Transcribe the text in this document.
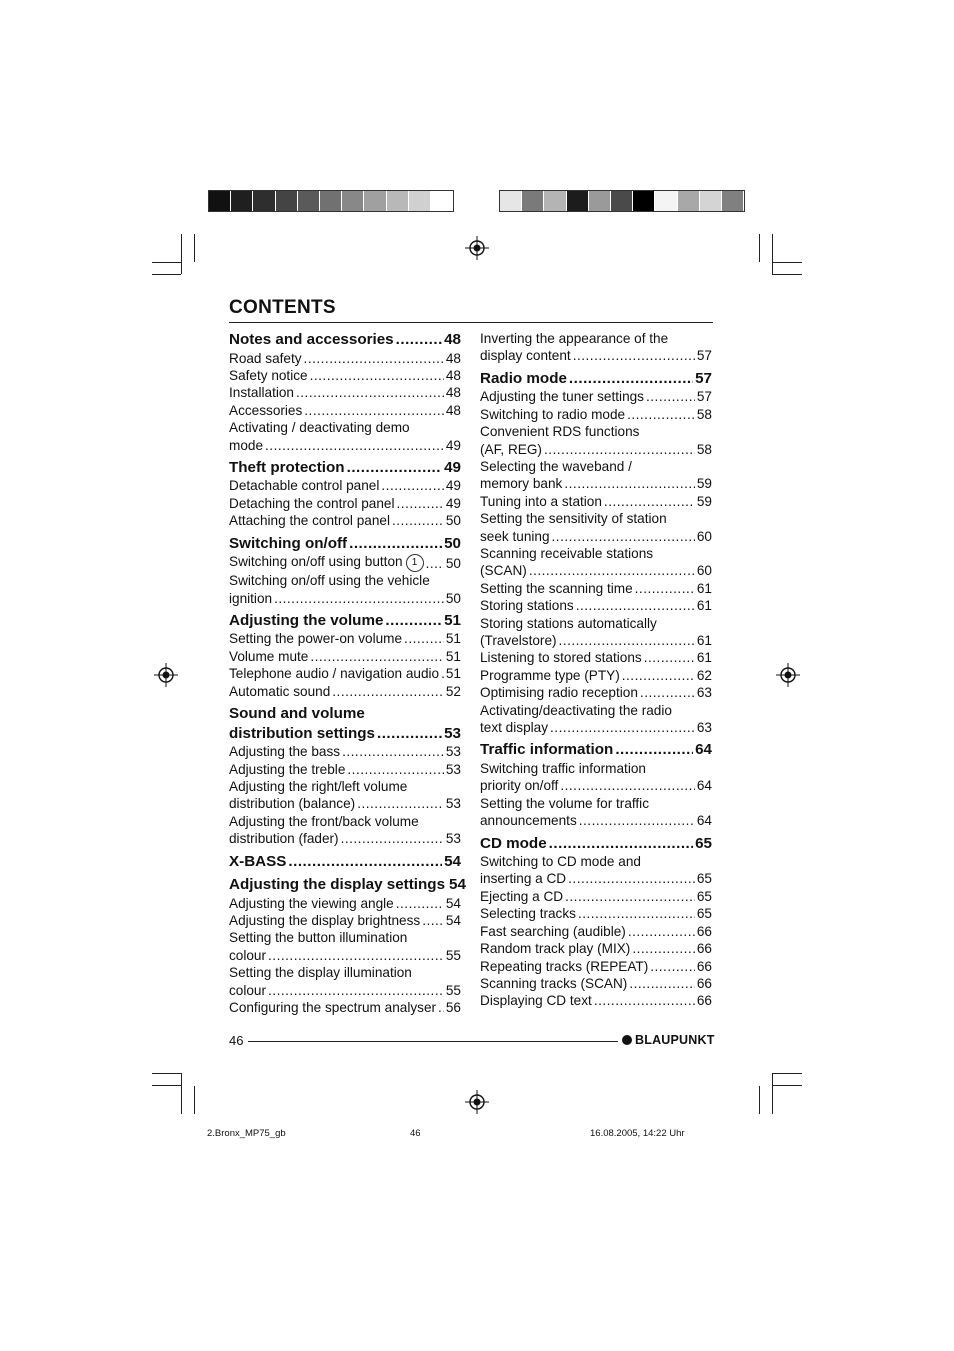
CONTENTS
Notes and accessories .....	48
Road safety .....	48
Safety notice .....	48
Installation .....	48
Accessories .....	48
Activating / deactivating demo
mode .....	49
Theft protection .....	49
Detachable control panel .....	49
Detaching the control panel .....	49
Attaching the control panel .....	50
Switching on/off .....	50
Switching on/off using button 1 .....	50
Switching on/off using the vehicle
ignition .....	50
Adjusting the volume .....	51
Setting the power-on volume .....	51
Volume mute .....	51
Telephone audio / navigation audio ..... 51
Automatic sound .....	52
Sound and volume
distribution settings .....	53
Adjusting the bass .....	53
Adjusting the treble .....	53
Adjusting the right/left volume
distribution (balance) .....	53
Adjusting the front/back volume
distribution (fader) .....	53
X-BASS .....	54
Adjusting the display settings 54
Adjusting the viewing angle .....	54
Adjusting the display brightness ..... 54
Setting the button illumination
colour .....	55
Setting the display illumination
colour .....	55
Configuring the spectrum analyser ..... 56
Inverting the appearance of the
display content .....	57
Radio mode .....	57
Adjusting the tuner settings .....	57
Switching to radio mode .....	58
Convenient RDS functions
(AF, REG) .....	58
Selecting the waveband /
memory bank .....	59
Tuning into a station .....	59
Setting the sensitivity of station
seek tuning .....	60
Scanning receivable stations
(SCAN) .....	60
Setting the scanning time .....	61
Storing stations .....	61
Storing stations automatically
(Travelstore) .....	61
Listening to stored stations .....	61
Programme type (PTY) .....	62
Optimising radio reception .....	63
Activating/deactivating the radio
text display .....	63
Traffic information .....	64
Switching traffic information
priority on/off .....	64
Setting the volume for traffic
announcements .....	64
CD mode .....	65
Switching to CD mode and
inserting a CD .....	65
Ejecting a CD .....	65
Selecting tracks .....	65
Fast searching (audible) .....	66
Random track play (MIX) .....	66
Repeating tracks (REPEAT) .....	66
Scanning tracks (SCAN) .....	66
Displaying CD text .....	66
46	BLAUPUNKT
2.Bronx_MP75_gb	46	16.08.2005, 14:22 Uhr
